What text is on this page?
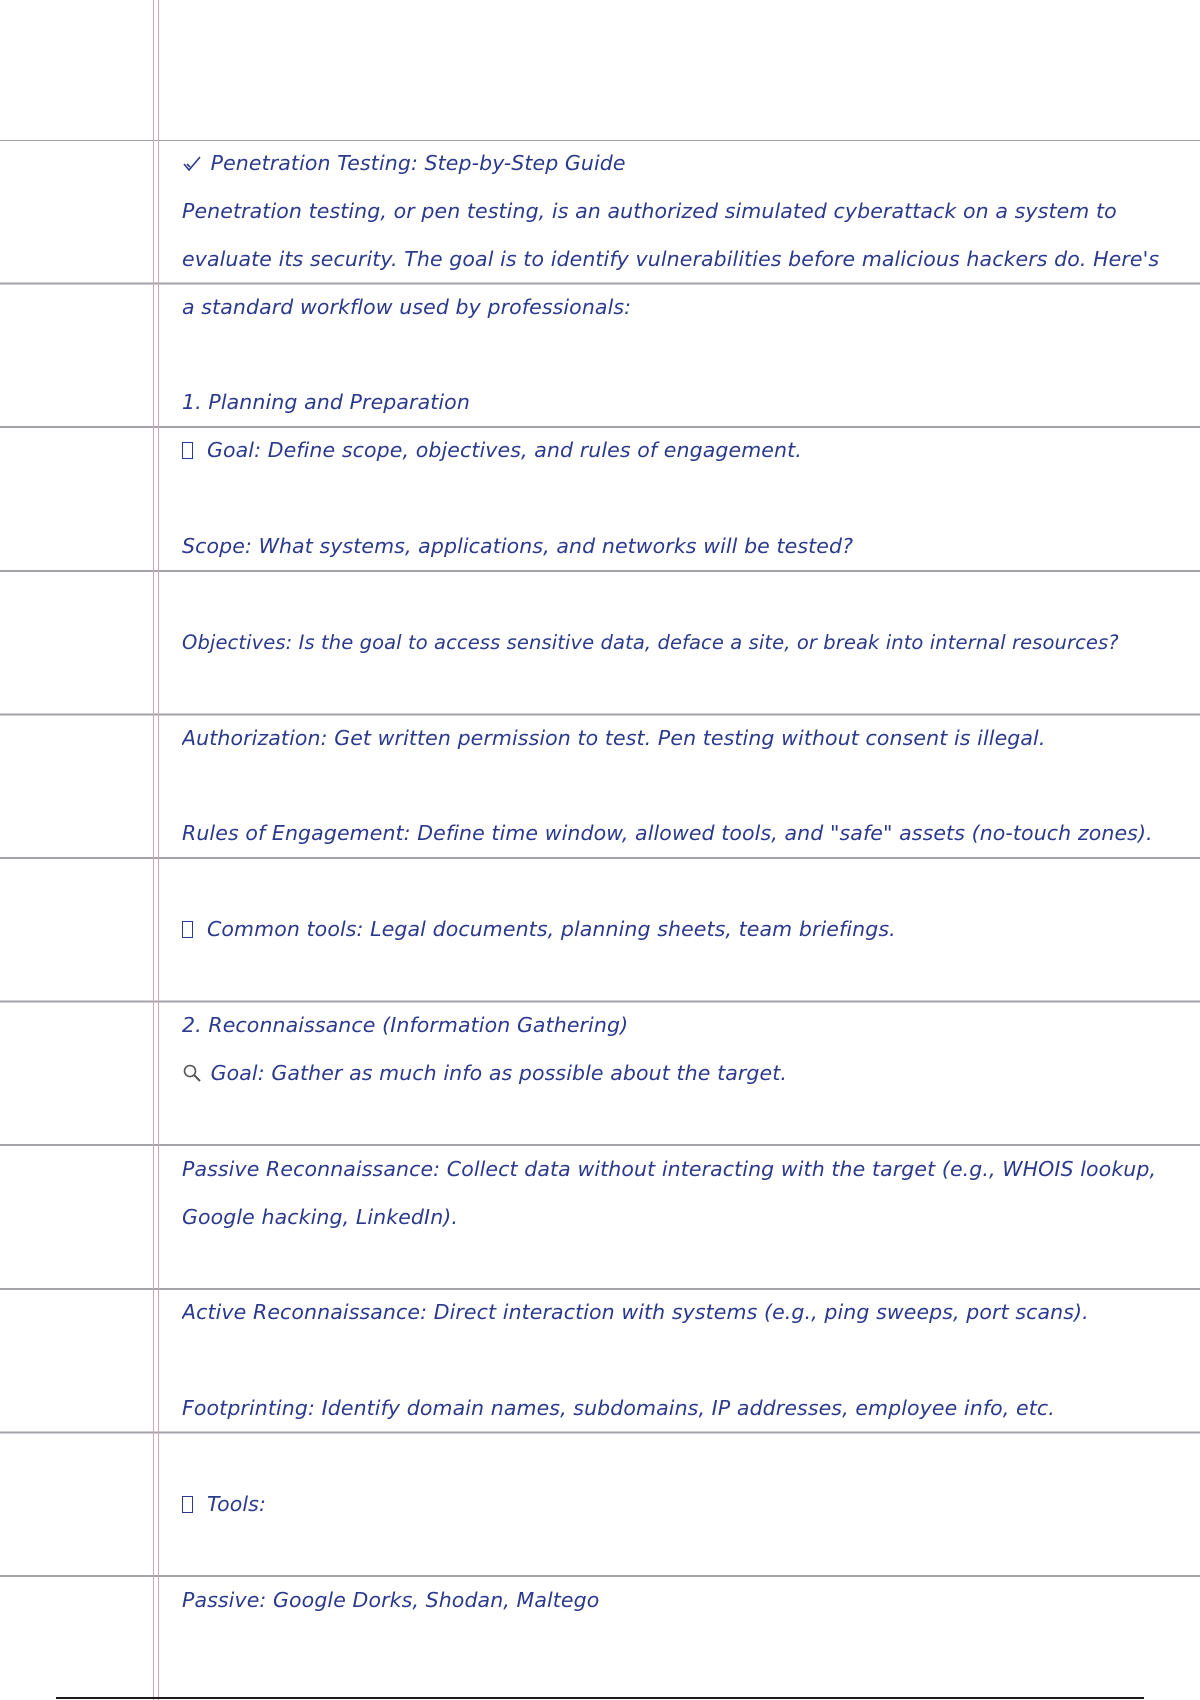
Penetration Testing: Step-by-Step Guide
Penetration testing, or pen testing, is an authorized simulated cyberattack on a system to
evaluate its security. The goal is to identify vulnerabilities before malicious hackers do. Here's
a standard workflow used by professionals:
1. Planning and Preparation
Goal: Define scope, objectives, and rules of engagement.
Scope: What systems, applications, and networks will be tested?
Objectives: Is the goal to access sensitive data, deface a site, or break into internal resources?
Authorization: Get written permission to test. Pen testing without consent is illegal.
Rules of Engagement: Define time window, allowed tools, and "safe" assets (no-touch zones).
Common tools: Legal documents, planning sheets, team briefings.
2. Reconnaissance (Information Gathering)
Goal: Gather as much info as possible about the target.
Passive Reconnaissance: Collect data without interacting with the target (e.g., WHOIS lookup,
Google hacking, LinkedIn).
Active Reconnaissance: Direct interaction with systems (e.g., ping sweeps, port scans).
Footprinting: Identify domain names, subdomains, IP addresses, employee info, etc.
Tools:
Passive: Google Dorks, Shodan, Maltego
